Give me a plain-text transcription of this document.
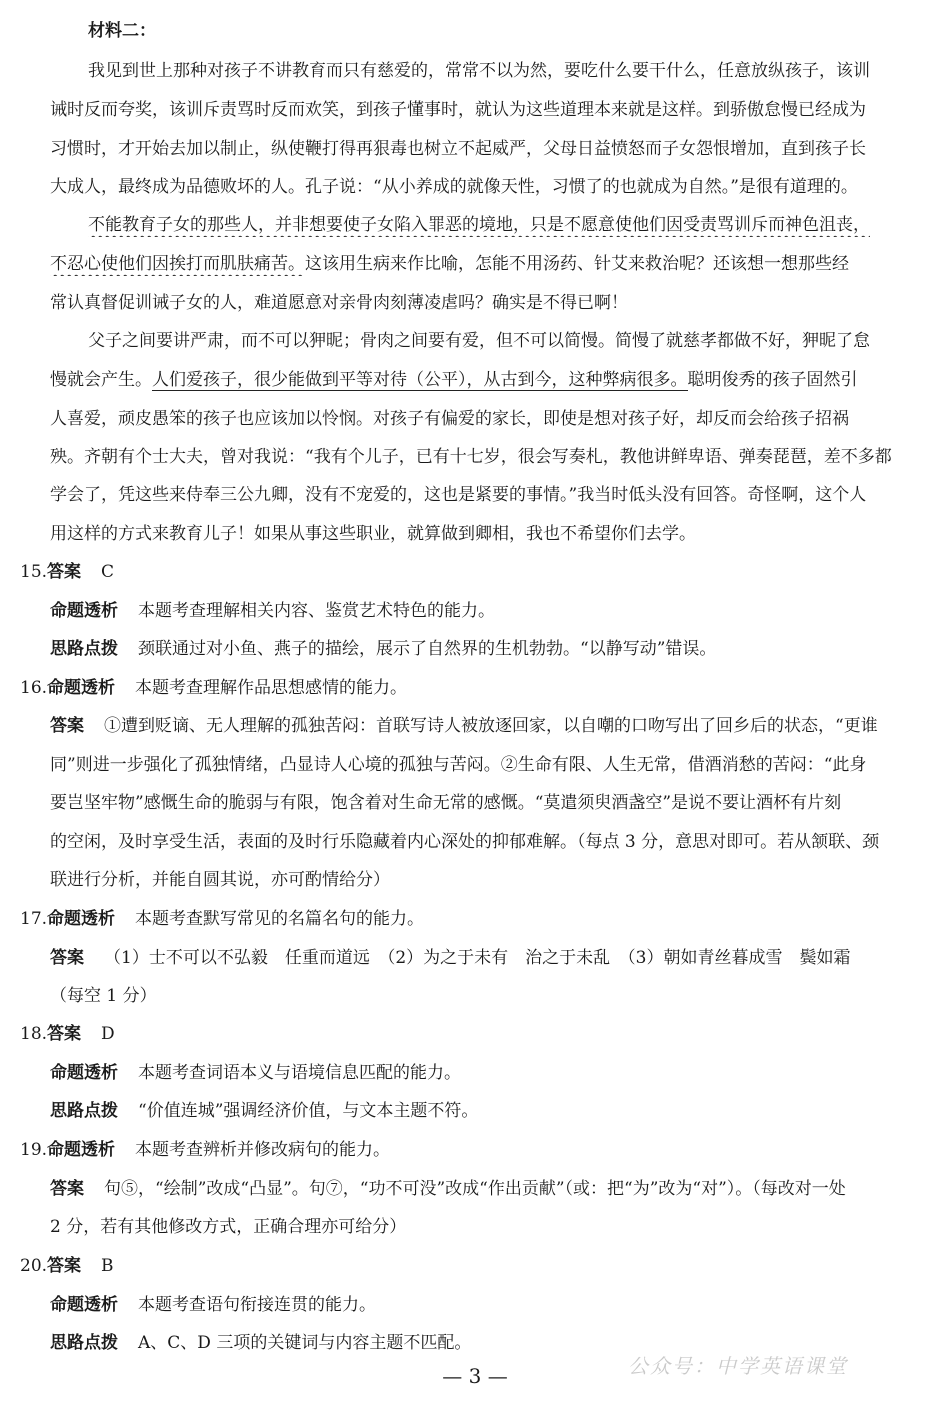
材料二：
我见到世上那种对孩子不讲教育而只有慈爱的，常常不以为然，要吃什么要干什么，任意放纵孩子，该训
诫时反而夸奖，该训斥责骂时反而欢笑，到孩子懂事时，就认为这些道理本来就是这样。到骄傲怠慢已经成为
习惯时，才开始去加以制止，纵使鞭打得再狠毒也树立不起威严，父母日益愤怒而子女怨恨增加，直到孩子长
大成人，最终成为品德败坏的人。孔子说：“从小养成的就像天性，习惯了的也就成为自然。”是很有道理的。
不能教育子女的那些人，并非想要使子女陷入罪恶的境地，只是不愿意使他们因受责骂训斥而神色沮丧，
不忍心使他们因挨打而肌肤痛苦。这该用生病来作比喻，怎能不用汤药、针艾来救治呢？还该想一想那些经
常认真督促训诫子女的人，难道愿意对亲骨肉刻薄凌虐吗？确实是不得已啊！
父子之间要讲严肃，而不可以狎昵；骨肉之间要有爱，但不可以简慢。简慢了就慈孝都做不好，狎昵了怠
慢就会产生。人们爱孩子，很少能做到平等对待（公平），从古到今，这种弊病很多。聪明俊秀的孩子固然引
人喜爱，顽皮愚笨的孩子也应该加以怜悯。对孩子有偏爱的家长，即使是想对孩子好，却反而会给孩子招祸
殃。齐朝有个士大夫，曾对我说：“我有个儿子，已有十七岁，很会写奏札，教他讲鲜卑语、弹奏琵琶，差不多都
学会了，凭这些来侍奉三公九卿，没有不宠爱的，这也是紧要的事情。”我当时低头没有回答。奇怪啊，这个人
用这样的方式来教育儿子！如果从事这些职业，就算做到卿相，我也不希望你们去学。
15.答案 C
命题透析 本题考查理解相关内容、鉴赏艺术特色的能力。
思路点拨 颈联通过对小鱼、燕子的描绘，展示了自然界的生机勃勃。“以静写动”错误。
16.命题透析 本题考查理解作品思想感情的能力。
答案 ①遭到贬谪、无人理解的孤独苦闷：首联写诗人被放逐回家，以自嘲的口吻写出了回乡后的状态，“更谁
同”则进一步强化了孤独情绪，凸显诗人心境的孤独与苦闷。②生命有限、人生无常，借酒消愁的苦闷：“此身
要岂坚牢物”感慨生命的脆弱与有限，饱含着对生命无常的感慨。“莫遣须臾酒盏空”是说不要让酒杯有片刻
的空闲，及时享受生活，表面的及时行乐隐藏着内心深处的抑郁难解。（每点 3 分，意思对即可。若从颔联、颈
联进行分析，并能自圆其说，亦可酌情给分）
17.命题透析 本题考查默写常见的名篇名句的能力。
答案 （1）士不可以不弘毅　任重而道远　（2）为之于未有　治之于未乱　（3）朝如青丝暮成雪　鬓如霜
（每空 1 分）
18.答案 D
命题透析 本题考查词语本义与语境信息匹配的能力。
思路点拨 “价值连城”强调经济价值，与文本主题不符。
19.命题透析 本题考查辨析并修改病句的能力。
答案 句⑤，“绘制”改成“凸显”。句⑦，“功不可没”改成“作出贡献”（或：把“为”改为“对”）。（每改对一处
2 分，若有其他修改方式，正确合理亦可给分）
20.答案 B
命题透析 本题考查语句衔接连贯的能力。
思路点拨 A、C、D 三项的关键词与内容主题不匹配。
公众号：中学英语课堂
— 3 —
